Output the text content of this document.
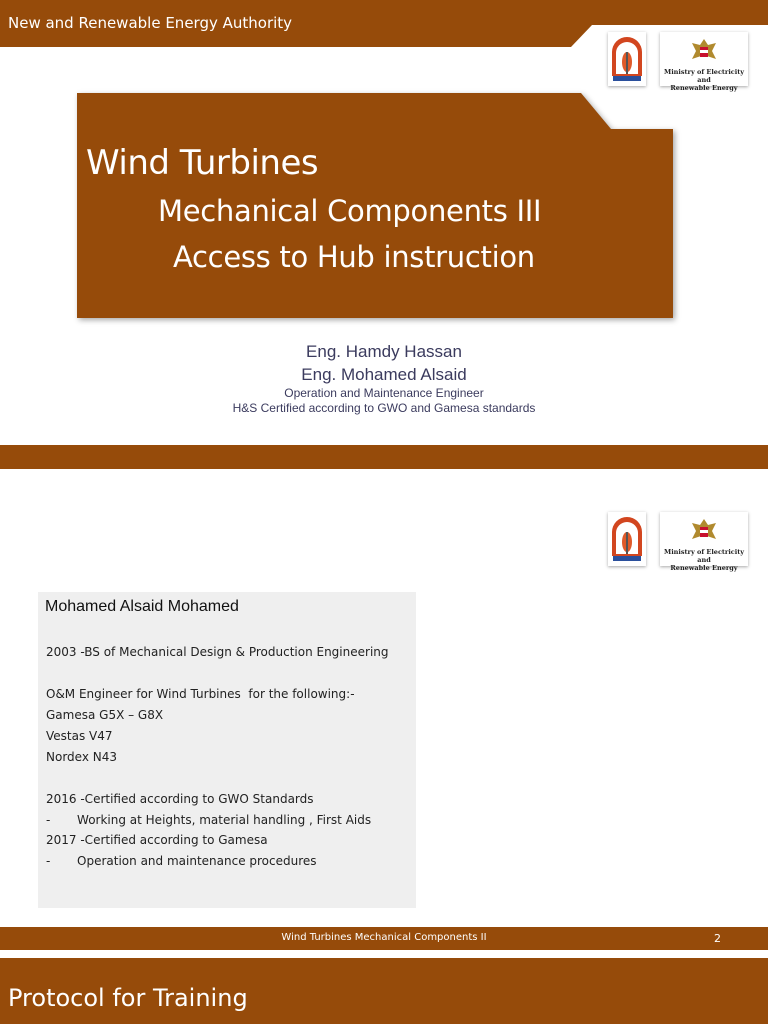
New and Renewable Energy Authority
Ministry of Electricity and
Renewable Energy
Wind Turbines
Mechanical Components III
Access to Hub instruction
Eng. Hamdy Hassan
Eng. Mohamed Alsaid
Operation and Maintenance Engineer
H&S Certified according to GWO and Gamesa standards
Ministry of Electricity and
Renewable Energy
Mohamed Alsaid Mohamed
2003 -BS of Mechanical Design & Production Engineering
O&M Engineer for Wind Turbines  for the following:-
Gamesa G5X – G8X
Vestas V47
Nordex N43
2016 -Certified according to GWO Standards
-       Working at Heights, material handling , First Aids
2017 -Certified according to Gamesa
-       Operation and maintenance procedures
Wind Turbines Mechanical Components II	2
Protocol for Training
